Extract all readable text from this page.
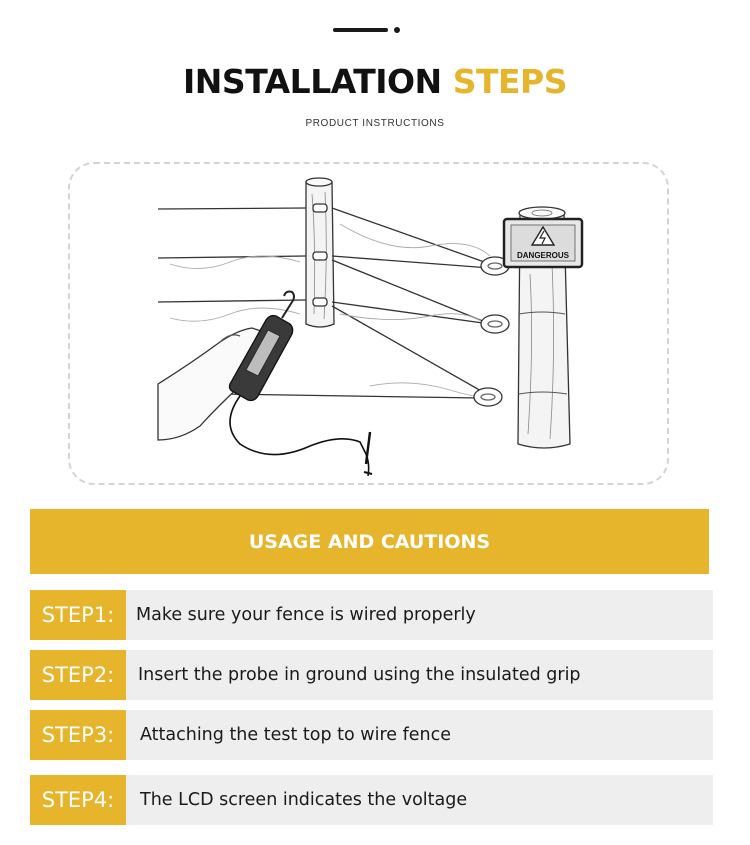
INSTALLATION STEPS
PRODUCT INSTRUCTIONS
DANGEROUS
USAGE AND CAUTIONS
STEP1:	Make sure your fence is wired properly
STEP2:	Insert the probe in ground using the insulated grip
STEP3:	Attaching the test top to wire fence
STEP4:	The LCD screen indicates the voltage
